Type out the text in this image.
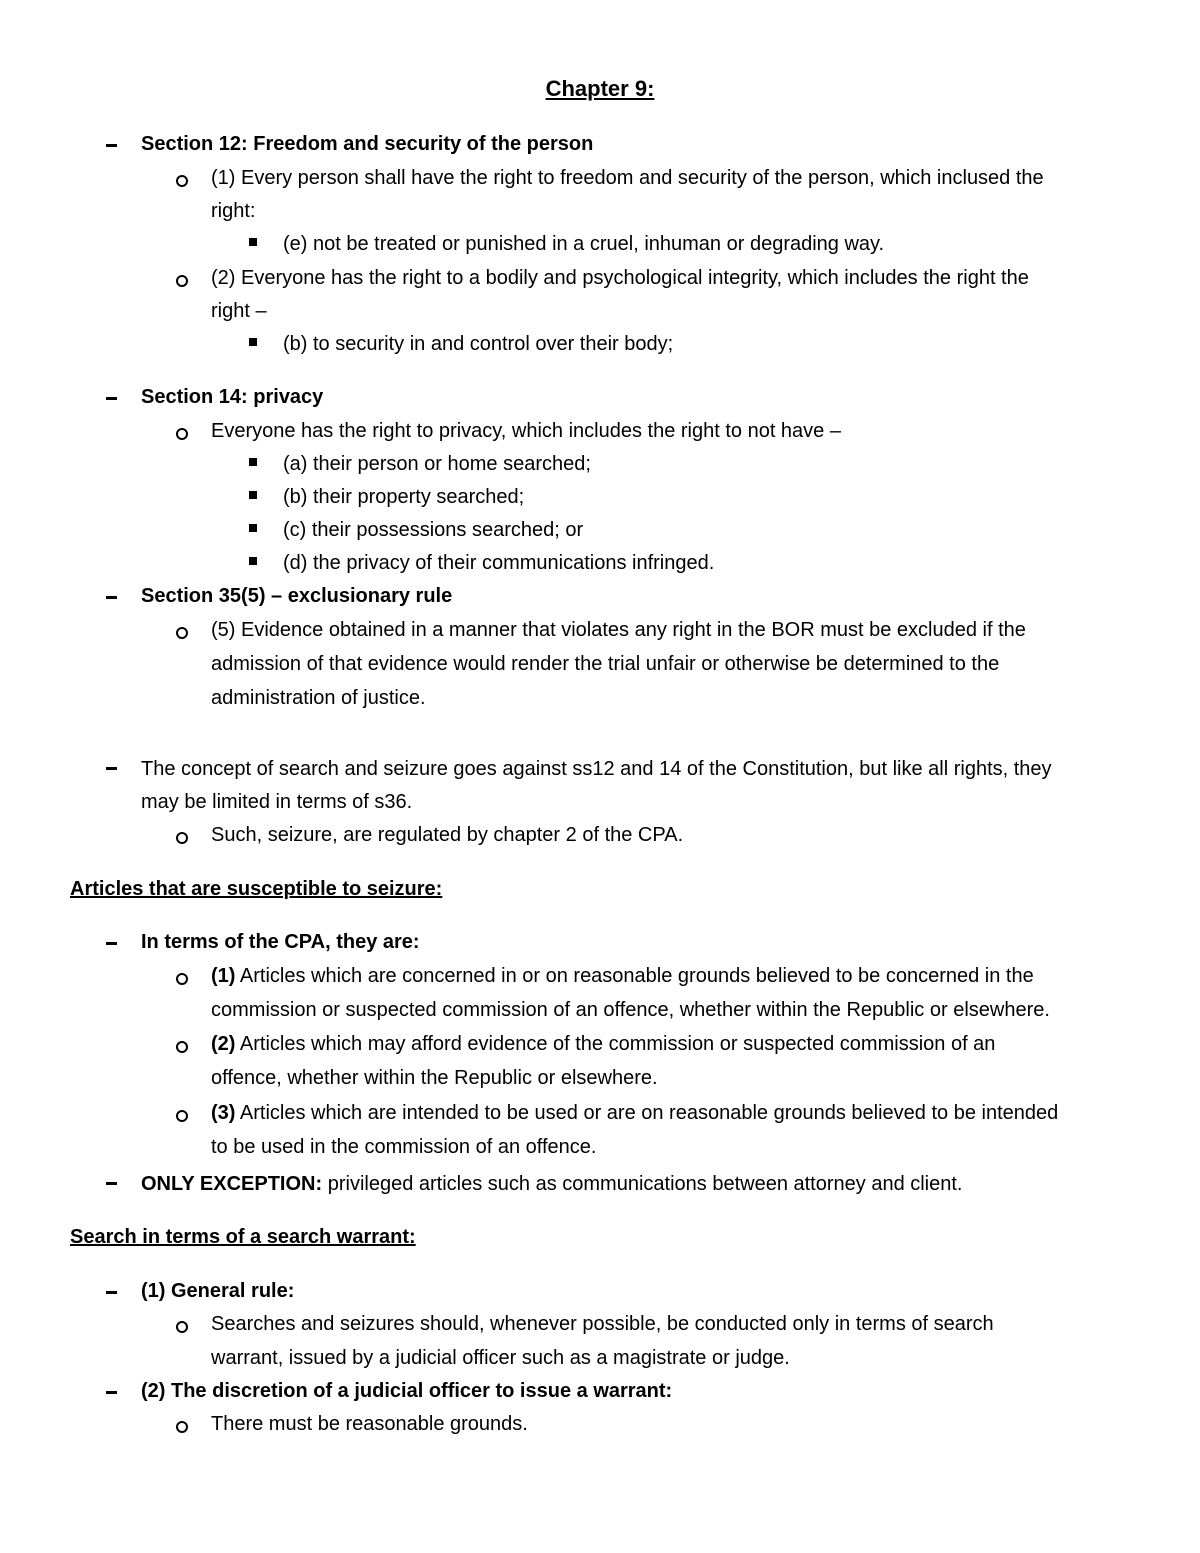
Chapter 9:
Section 12: Freedom and security of the person
(1) Every person shall have the right to freedom and security of the person, which inclused the
right:
(e) not be treated or punished in a cruel, inhuman or degrading way.
(2) Everyone has the right to a bodily and psychological integrity, which includes the right the
right –
(b) to security in and control over their body;
Section 14: privacy
Everyone has the right to privacy, which includes the right to not have –
(a) their person or home searched;
(b) their property searched;
(c) their possessions searched; or
(d) the privacy of their communications infringed.
Section 35(5) – exclusionary rule
(5) Evidence obtained in a manner that violates any right in the BOR must be excluded if the
admission of that evidence would render the trial unfair or otherwise be determined to the
administration of justice.
The concept of search and seizure goes against ss12 and 14 of the Constitution, but like all rights, they
may be limited in terms of s36.
Such, seizure, are regulated by chapter 2 of the CPA.
Articles that are susceptible to seizure:
In terms of the CPA, they are:
(1) Articles which are concerned in or on reasonable grounds believed to be concerned in the
commission or suspected commission of an offence, whether within the Republic or elsewhere.
(2) Articles which may afford evidence of the commission or suspected commission of an
offence, whether within the Republic or elsewhere.
(3) Articles which are intended to be used or are on reasonable grounds believed to be intended
to be used in the commission of an offence.
ONLY EXCEPTION: privileged articles such as communications between attorney and client.
Search in terms of a search warrant:
(1) General rule:
Searches and seizures should, whenever possible, be conducted only in terms of search
warrant, issued by a judicial officer such as a magistrate or judge.
(2) The discretion of a judicial officer to issue a warrant:
There must be reasonable grounds.
